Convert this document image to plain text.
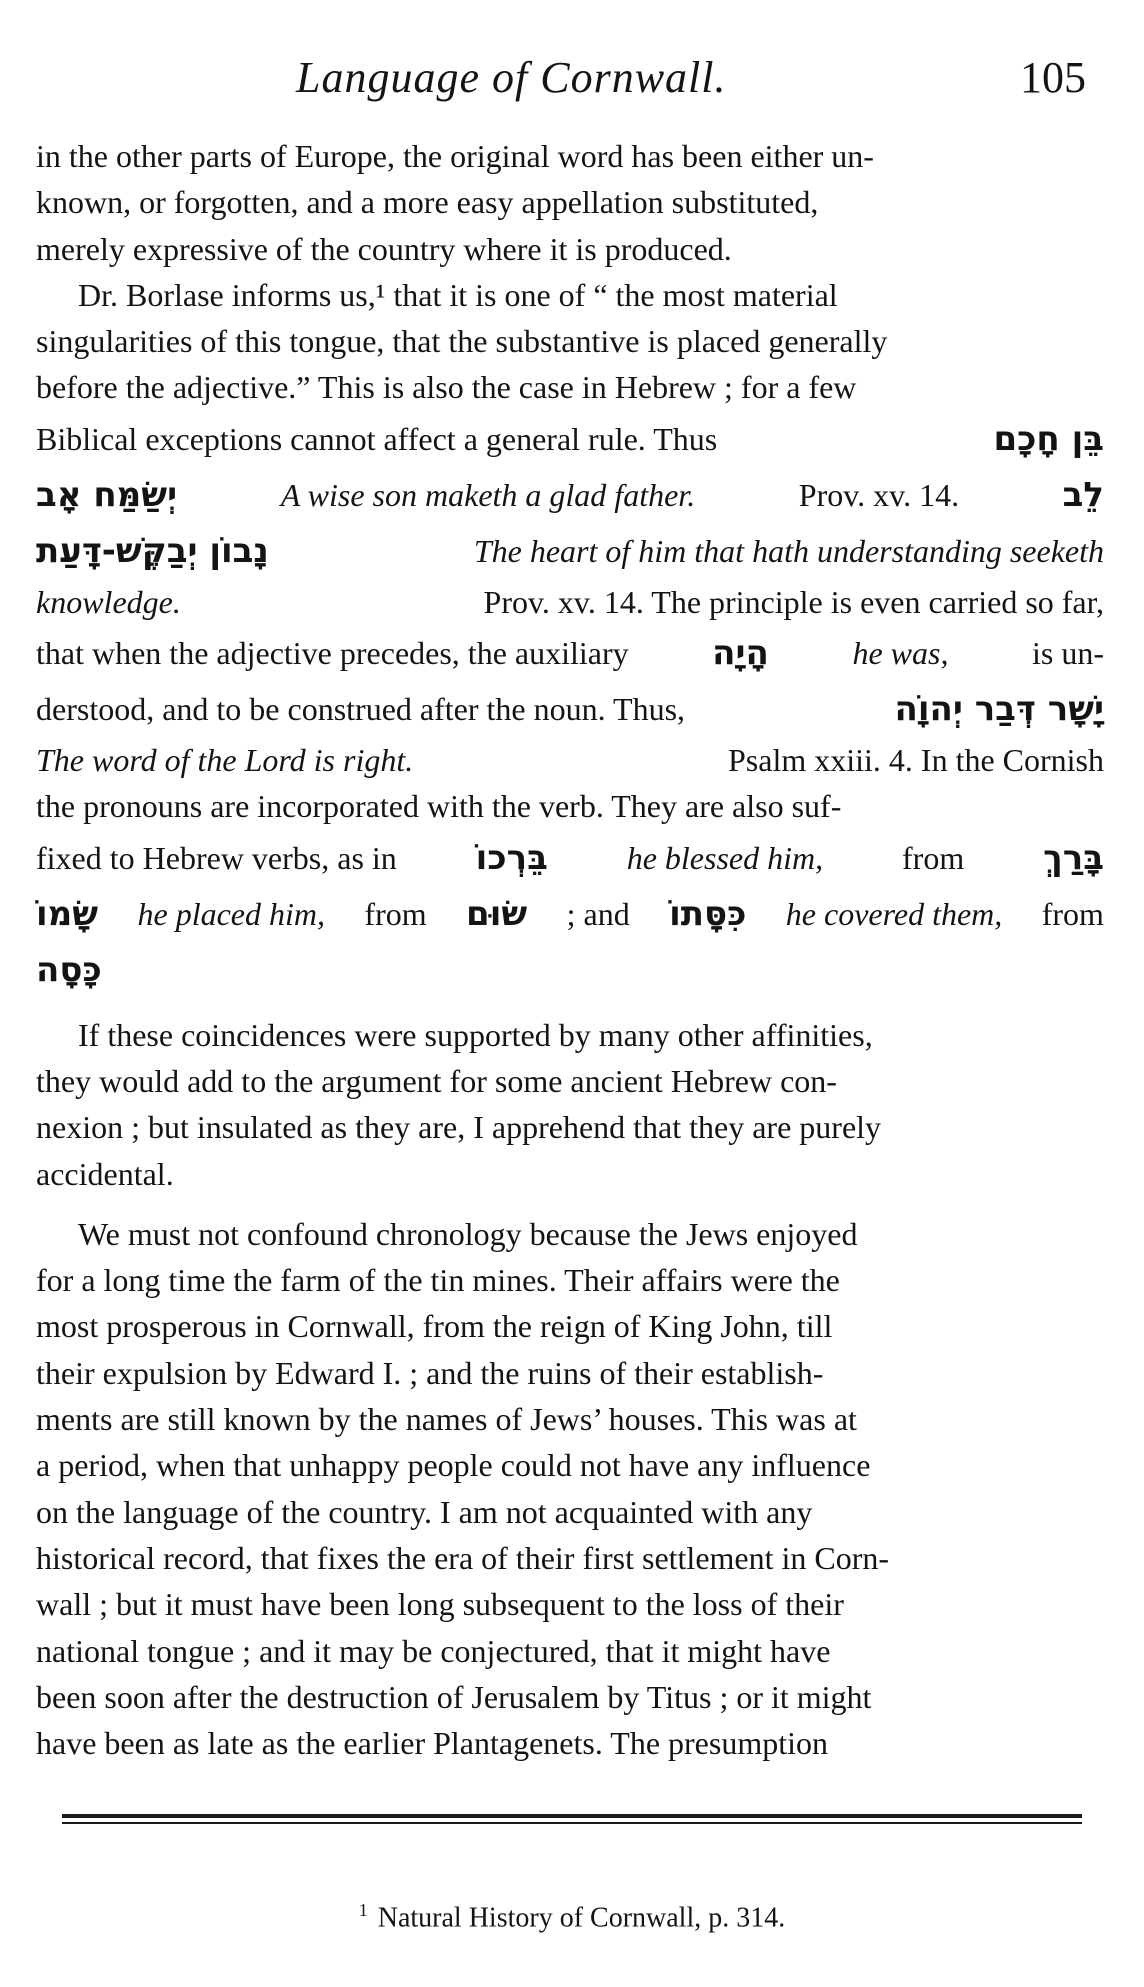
Language of Cornwall.	105
in the other parts of Europe, the original word has been either un-
known, or forgotten, and a more easy appellation substituted,
merely expressive of the country where it is produced.
Dr. Borlase informs us,¹ that it is one of “ the most material
singularities of this tongue, that the substantive is placed generally
before the adjective.” This is also the case in Hebrew ; for a few
Biblical exceptions cannot affect a general rule. Thus	בֵּן חָכָם
יְשַׂמַּח אָב	A wise son maketh a glad father.	Prov. xv. 14.	לֵב
נָבוֹן יְבַקֶּשׁ-דָּעַת	The heart of him that hath understanding seeketh
knowledge.	Prov. xv. 14. The principle is even carried so far,
that when the adjective precedes, the auxiliary הָיָה	he was,	is un-
derstood, and to be construed after the noun. Thus,	יָשָׁר דְּבַר יְהוָֹה
The word of the Lord is right.	Psalm xxiii. 4. In the Cornish
the pronouns are incorporated with the verb. They are also suf-
fixed to Hebrew verbs, as in בֵּרְכוֹ he blessed him, from בָּרַךְ
שָׂמוֹ he placed him, from שׂוּם ; and כִּסָּתוֹ he covered them, from
כָּסָה
If these coincidences were supported by many other affinities,
they would add to the argument for some ancient Hebrew con-
nexion ; but insulated as they are, I apprehend that they are purely
accidental.
We must not confound chronology because the Jews enjoyed
for a long time the farm of the tin mines. Their affairs were the
most prosperous in Cornwall, from the reign of King John, till
their expulsion by Edward I. ; and the ruins of their establish-
ments are still known by the names of Jews’ houses. This was at
a period, when that unhappy people could not have any influence
on the language of the country. I am not acquainted with any
historical record, that fixes the era of their first settlement in Corn-
wall ; but it must have been long subsequent to the loss of their
national tongue ; and it may be conjectured, that it might have
been soon after the destruction of Jerusalem by Titus ; or it might
have been as late as the earlier Plantagenets. The presumption
$^1$ Natural History of Cornwall, p. 314.
